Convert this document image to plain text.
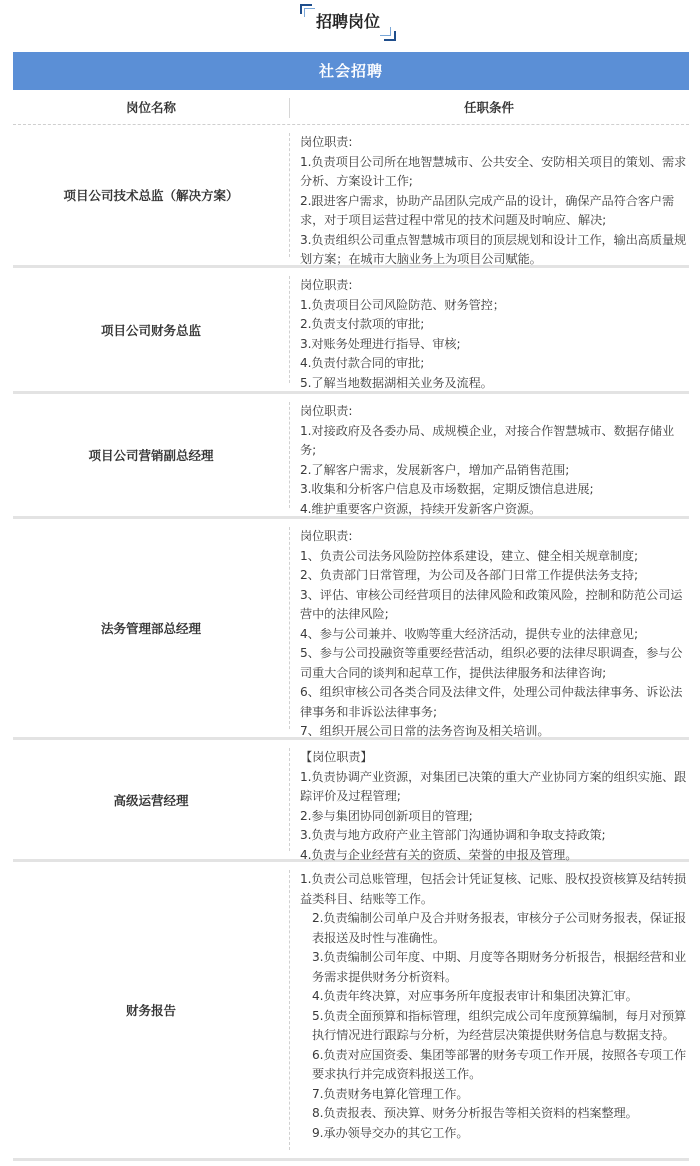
招聘岗位
社会招聘
岗位名称	任职条件
项目公司技术总监（解决方案）
岗位职责:
1.负责项目公司所在地智慧城市、公共安全、安防相关项目的策划、需求分析、方案设计工作;
2.跟进客户需求，协助产品团队完成产品的设计，确保产品符合客户需求，对于项目运营过程中常见的技术问题及时响应、解决;
3.负责组织公司重点智慧城市项目的顶层规划和设计工作，输出高质量规划方案；在城市大脑业务上为项目公司赋能。
项目公司财务总监
岗位职责:
1.负责项目公司风险防范、财务管控；
2.负责支付款项的审批;
3.对账务处理进行指导、审核;
4.负责付款合同的审批;
5.了解当地数据湖相关业务及流程。
项目公司营销副总经理
岗位职责:
1.对接政府及各委办局、成规模企业，对接合作智慧城市、数据存储业务;
2.了解客户需求，发展新客户，增加产品销售范围;
3.收集和分析客户信息及市场数据，定期反馈信息进展;
4.维护重要客户资源，持续开发新客户资源。
法务管理部总经理
岗位职责:
1、负责公司法务风险防控体系建设，建立、健全相关规章制度;
2、负责部门日常管理，为公司及各部门日常工作提供法务支持;
3、评估、审核公司经营项目的法律风险和政策风险，控制和防范公司运营中的法律风险;
4、参与公司兼并、收购等重大经济活动，提供专业的法律意见;
5、参与公司投融资等重要经营活动，组织必要的法律尽职调查，参与公司重大合同的谈判和起草工作，提供法律服务和法律咨询;
6、组织审核公司各类合同及法律文件，处理公司仲裁法律事务、诉讼法律事务和非诉讼法律事务;
7、组织开展公司日常的法务咨询及相关培训。
高级运营经理
【岗位职责】
1.负责协调产业资源，对集团已决策的重大产业协同方案的组织实施、跟踪评价及过程管理;
2.参与集团协同创新项目的管理;
3.负责与地方政府产业主管部门沟通协调和争取支持政策;
4.负责与企业经营有关的资质、荣誉的申报及管理。
财务报告
1.负责公司总账管理，包括会计凭证复核、记账、股权投资核算及结转损益类科目、结账等工作。
2.负责编制公司单户及合并财务报表，审核分子公司财务报表，保证报表报送及时性与准确性。
3.负责编制公司年度、中期、月度等各期财务分析报告，根据经营和业务需求提供财务分析资料。
4.负责年终决算，对应事务所年度报表审计和集团决算汇审。
5.负责全面预算和指标管理，组织完成公司年度预算编制，每月对预算执行情况进行跟踪与分析，为经营层决策提供财务信息与数据支持。
6.负责对应国资委、集团等部署的财务专项工作开展，按照各专项工作要求执行并完成资料报送工作。
7.负责财务电算化管理工作。
8.负责报表、预决算、财务分析报告等相关资料的档案整理。
9.承办领导交办的其它工作。
